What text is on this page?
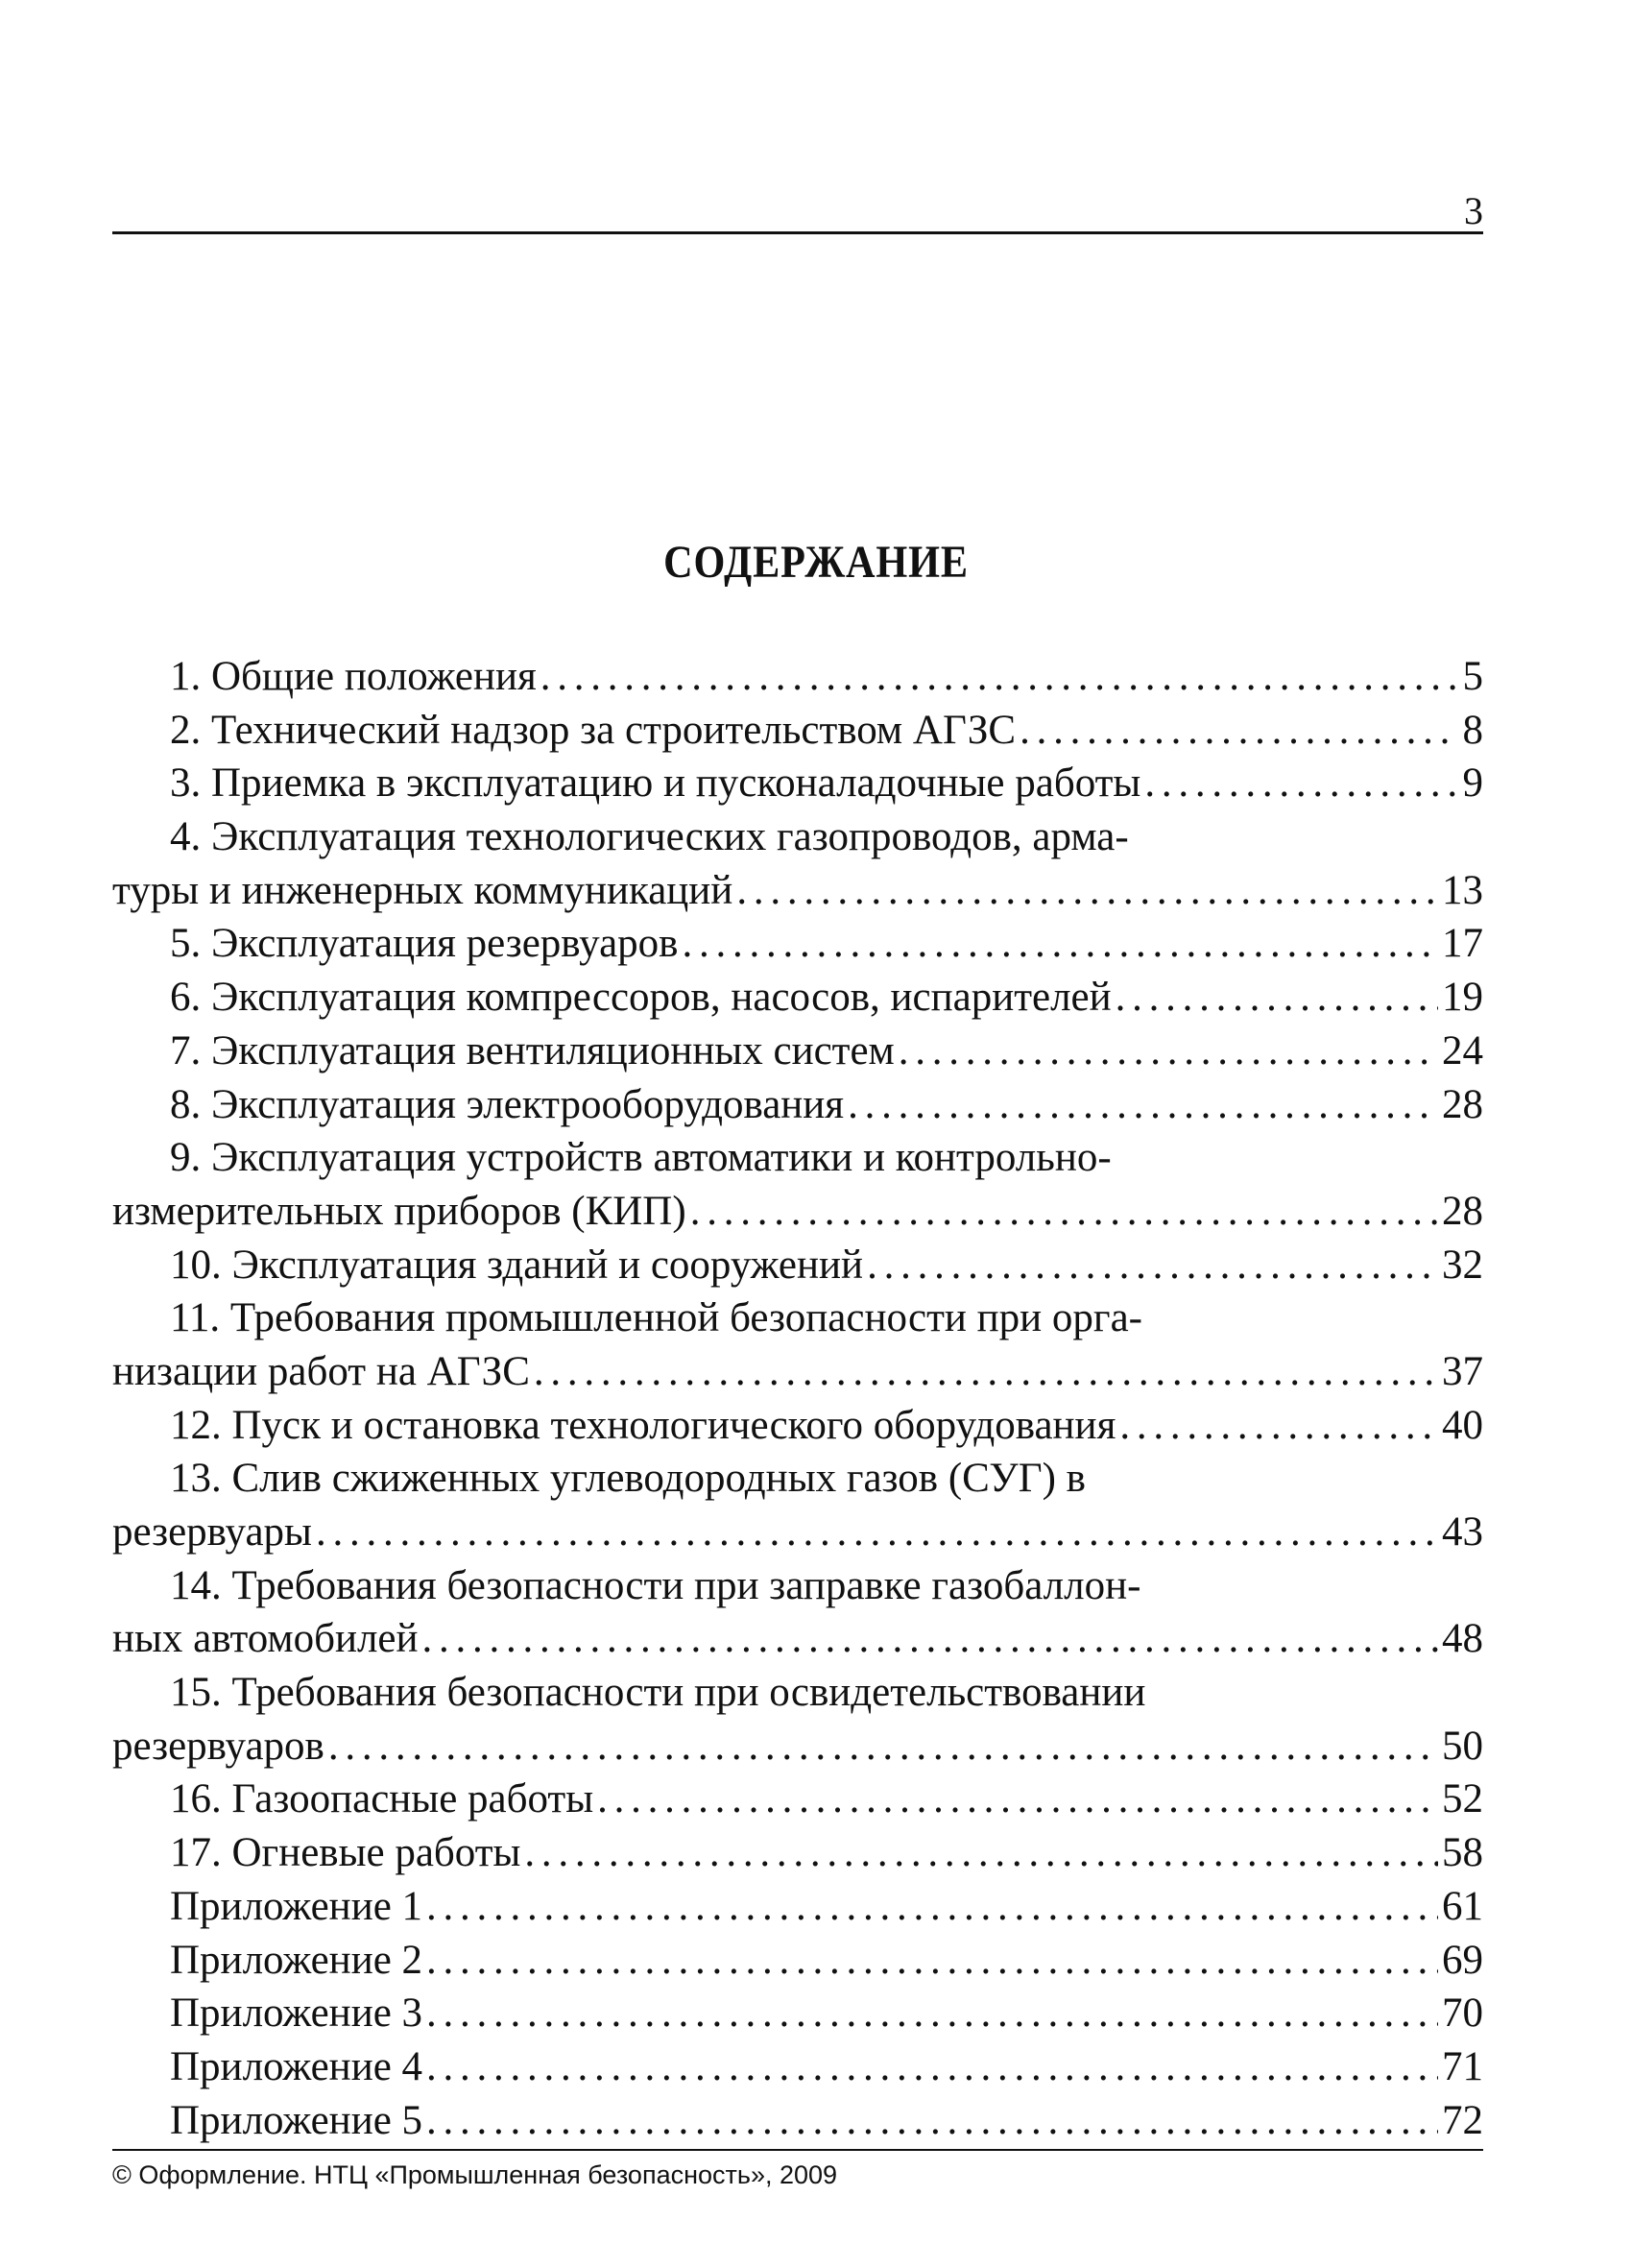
3
СОДЕРЖАНИЕ
1. Общие положения . . .	5
2. Технический надзор за строительством АГЗС . . .	8
3. Приемка в эксплуатацию и пусконаладочные работы . . .	9
4. Эксплуатация технологических газопроводов, арма-
туры и инженерных коммуникаций . . .	13
5. Эксплуатация резервуаров . . .	17
6. Эксплуатация компрессоров, насосов, испарителей . . .	19
7. Эксплуатация вентиляционных систем . . .	24
8. Эксплуатация электрооборудования . . .	28
9. Эксплуатация устройств автоматики и контрольно-
измерительных приборов (КИП) . . .	28
10. Эксплуатация зданий и сооружений . . .	32
11. Требования промышленной безопасности при орга-
низации работ на АГЗС . . .	37
12. Пуск и остановка технологического оборудования . . .	40
13. Слив сжиженных углеводородных газов (СУГ) в
резервуары . . .	43
14. Требования безопасности при заправке газобаллон-
ных автомобилей . . .	48
15. Требования безопасности при освидетельствовании
резервуаров . . .	50
16. Газоопасные работы . . .	52
17. Огневые работы . . .	58
Приложение 1 . . .	61
Приложение 2 . . .	69
Приложение 3 . . .	70
Приложение 4 . . .	71
Приложение 5 . . .	72
© Оформление. НТЦ «Промышленная безопасность», 2009
